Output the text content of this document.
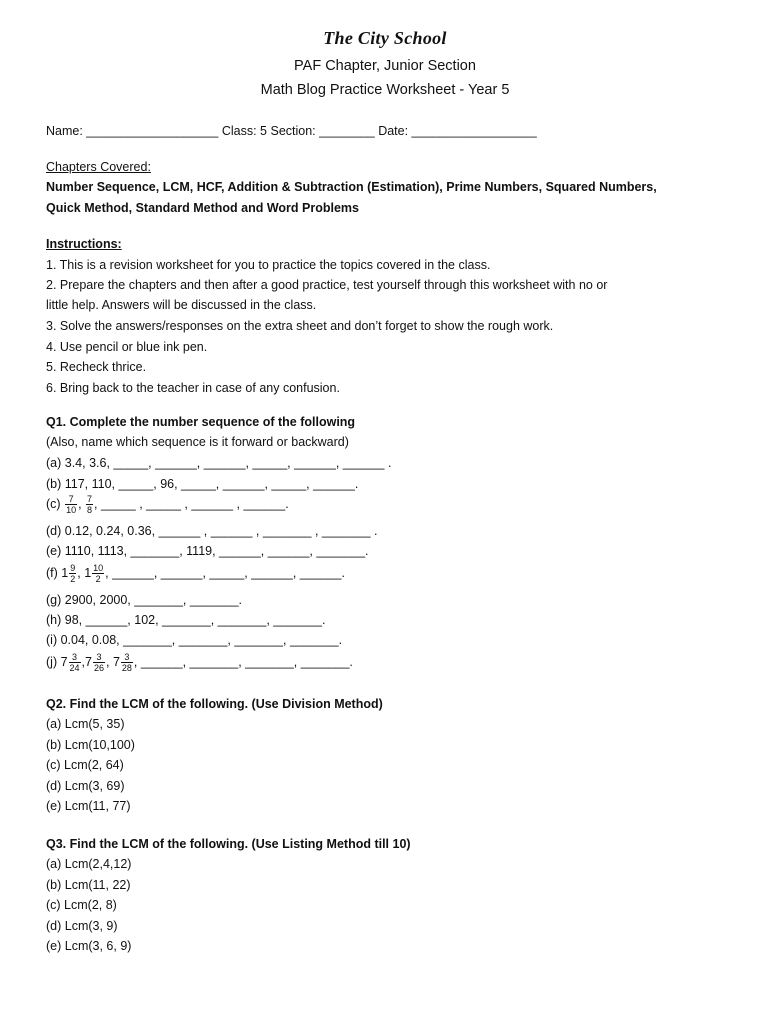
The City School
PAF Chapter, Junior Section
Math Blog Practice Worksheet - Year 5
Name: ___________________ Class: 5 Section: ________ Date: __________________
Chapters Covered:
Number Sequence, LCM, HCF, Addition & Subtraction (Estimation), Prime Numbers, Squared Numbers,
Quick Method, Standard Method and Word Problems
Instructions:
1. This is a revision worksheet for you to practice the topics covered in the class.
2. Prepare the chapters and then after a good practice, test yourself through this worksheet with no or
little help. Answers will be discussed in the class.
3. Solve the answers/responses on the extra sheet and don’t forget to show the rough work.
4. Use pencil or blue ink pen.
5. Recheck thrice.
6. Bring back to the teacher in case of any confusion.
Q1. Complete the number sequence of the following
(Also, name which sequence is it forward or backward)
(a) 3.4, 3.6, _____, ______, ______, _____, ______, ______ .
(b) 117, 110, _____, 96, _____, ______, _____, ______.
$(c) \frac{7}{10}$ , $\frac{7}{8}$ , _____ , _____ , ______ , ______.
(d) 0.12, 0.24, 0.36, ______ , ______ , _______ , _______ .
(e) 1110, 1113, _______, 1119, ______, ______, _______.
(f) $1 \frac{9}{2}$ , $1 \frac{10}{2}$ , ______, ______, _____, ______, ______.
(g) 2900, 2000, _______, _______.
(h) 98, ______, 102, _______, _______, _______.
(i) 0.04, 0.08, _______, _______, _______, _______.
(j) $7 \frac{3}{24} ,7 \frac{3}{26}$ , $7 \frac{3}{28}$ , ______, _______, _______, _______.
Q2. Find the LCM of the following. (Use Division Method)
(a) Lcm(5, 35)
(b) Lcm(10,100)
(c) Lcm(2, 64)
(d) Lcm(3, 69)
(e) Lcm(11, 77)
Q3. Find the LCM of the following. (Use Listing Method till 10)
(a) Lcm(2,4,12)
(b) Lcm(11, 22)
(c) Lcm(2, 8)
(d) Lcm(3, 9)
(e) Lcm(3, 6, 9)
